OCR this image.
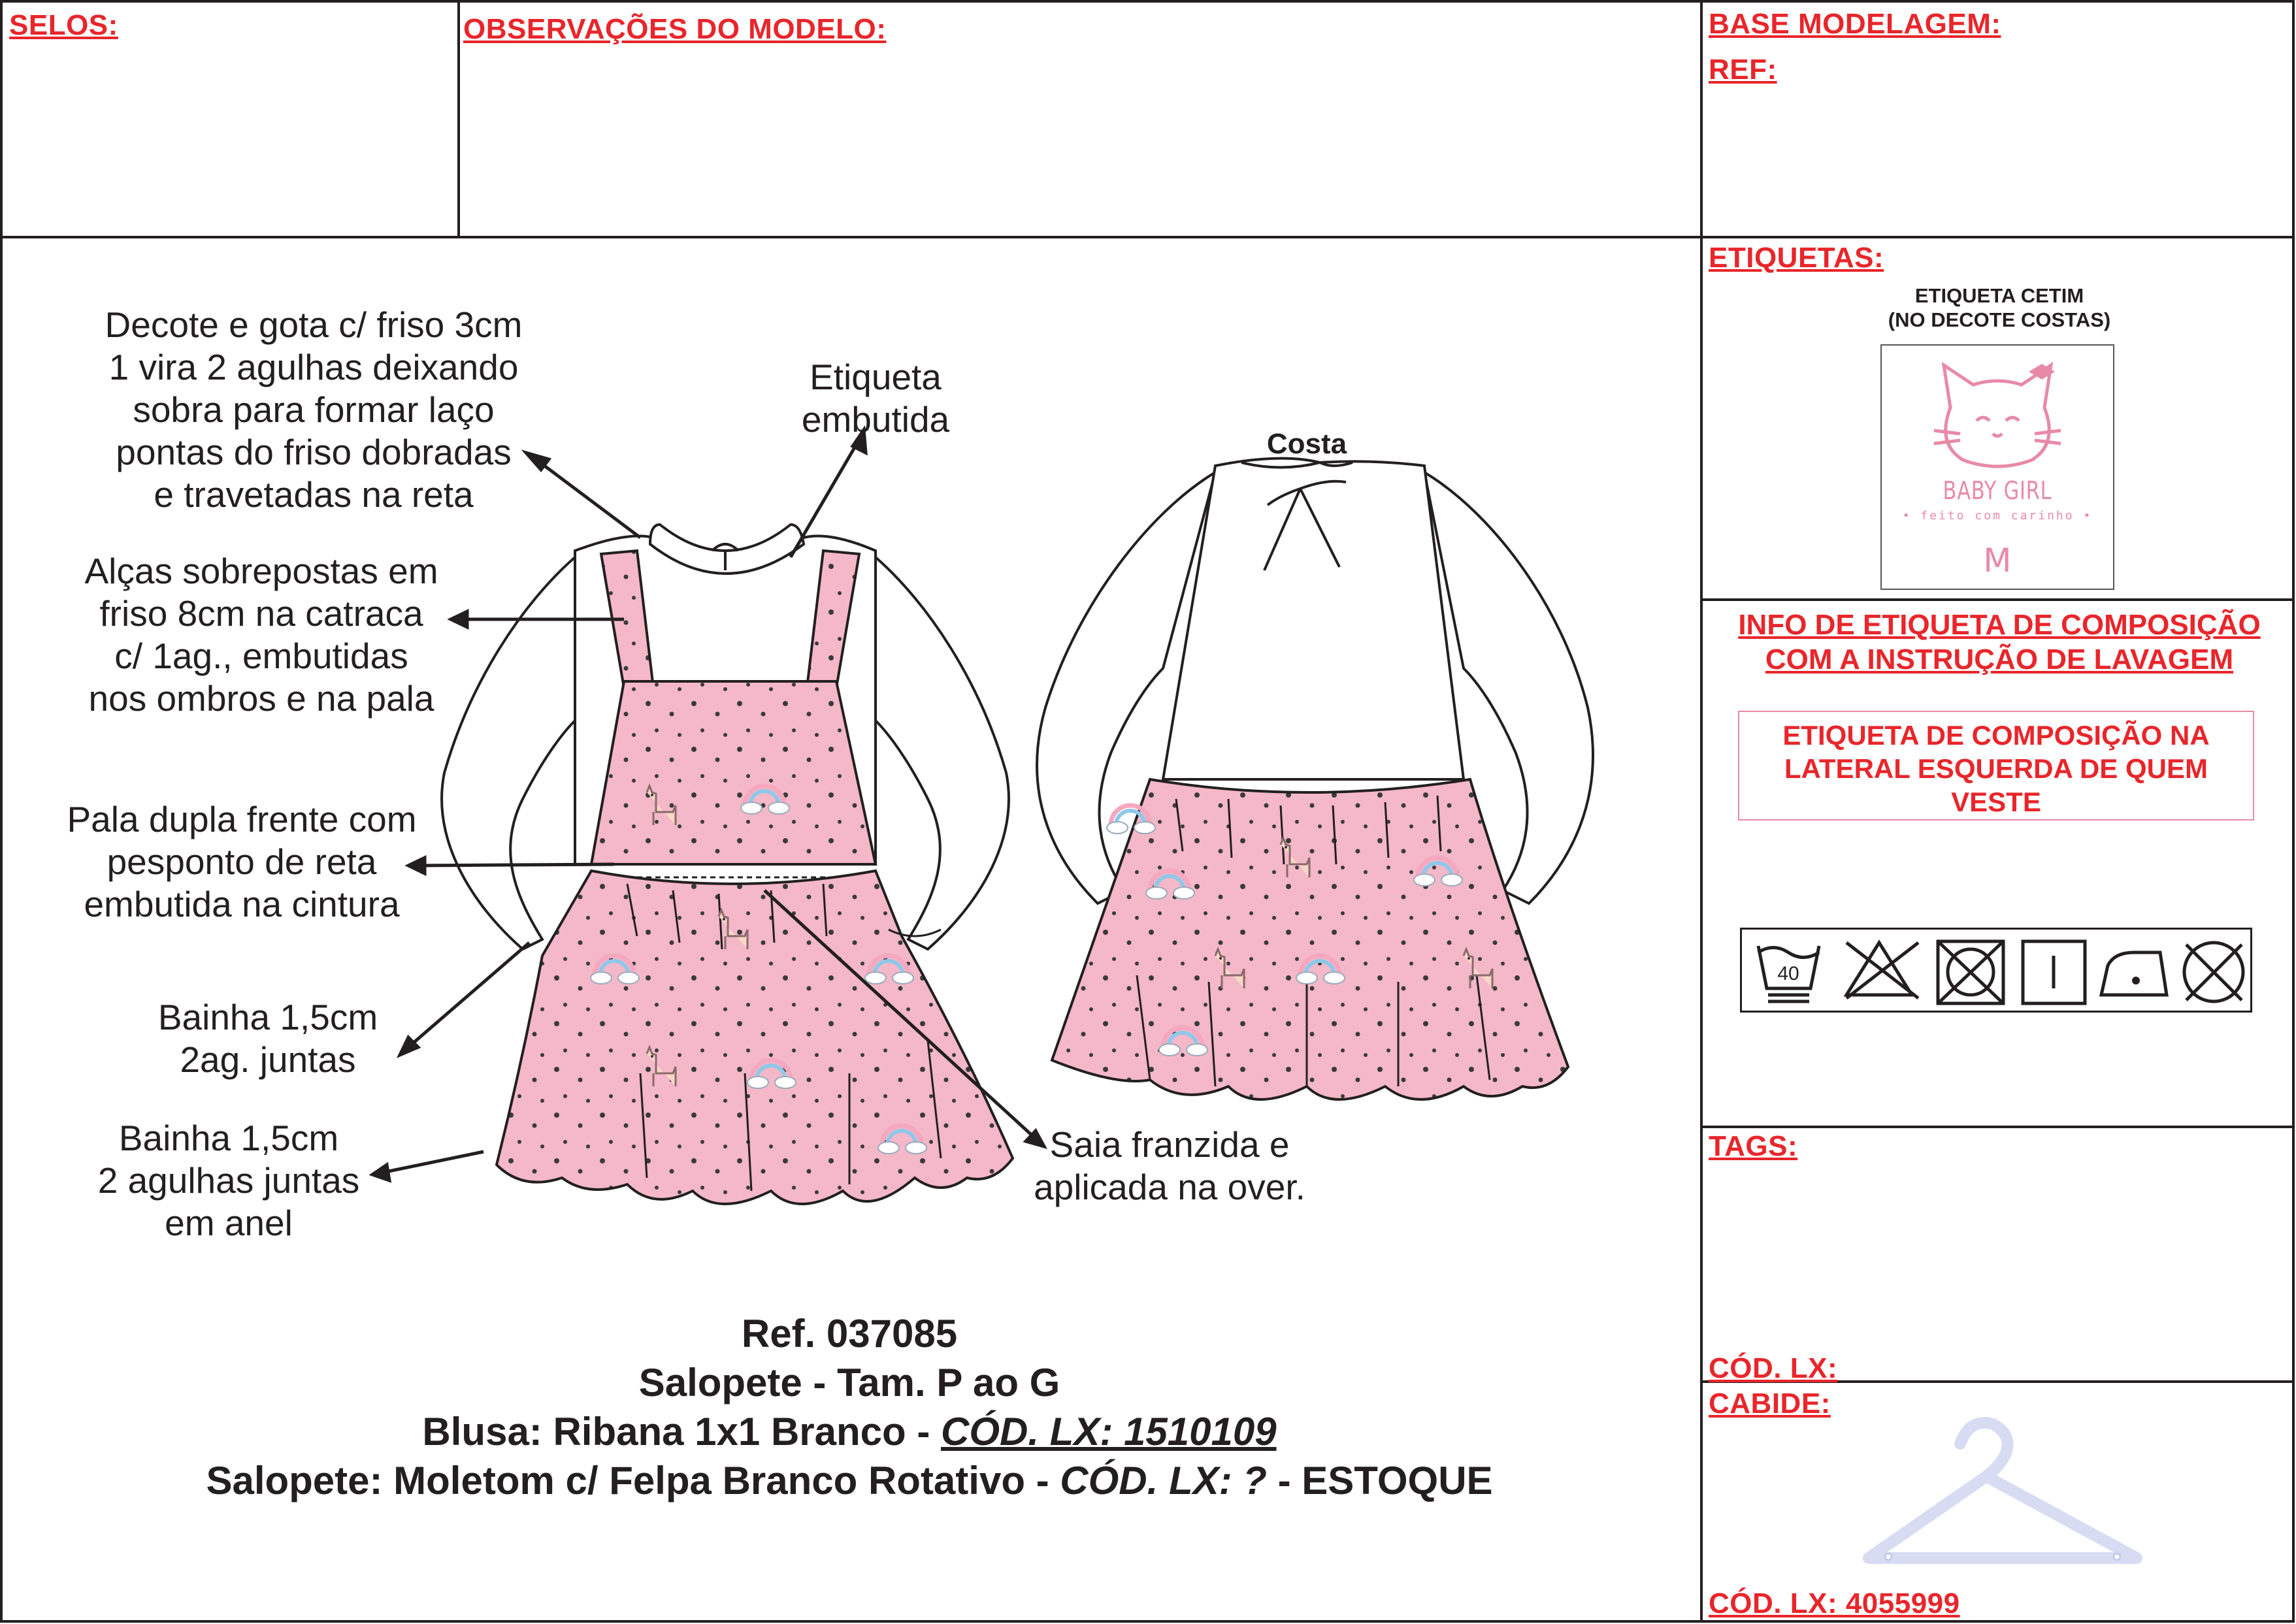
SELOS:	OBSERVAÇÕES DO MODELO:	BASE MODELAGEM:
REF:
ETIQUETAS:
TAGS:
CÓD. LX:
CABIDE:
CÓD. LX: 4055999
Decote e gota c/ friso 3cm
1 vira 2 agulhas deixando
sobra para formar laço
pontas do friso dobradas
e travetadas na reta
Etiqueta
embutida
Alças sobrepostas em
friso 8cm na catraca
c/ 1ag., embutidas
nos ombros e na pala
Pala dupla frente com
pesponto de reta
embutida na cintura
Bainha 1,5cm
2ag. juntas
Bainha 1,5cm
2 agulhas juntas
em anel
Saia franzida e
aplicada na over.
Costa
Ref. 037085
Salopete - Tam. P ao G
Blusa: Ribana 1x1 Branco - CÓD. LX: 1510109
Salopete: Moletom c/ Felpa Branco Rotativo - CÓD. LX: ? - ESTOQUE
ETIQUETA CETIM
(NO DECOTE COSTAS)
BABY GIRL
• feito com carinho •
M
INFO DE ETIQUETA DE COMPOSIÇÃO
COM A INSTRUÇÃO DE LAVAGEM
ETIQUETA DE COMPOSIÇÃO NA
LATERAL ESQUERDA DE QUEM
VESTE
40
